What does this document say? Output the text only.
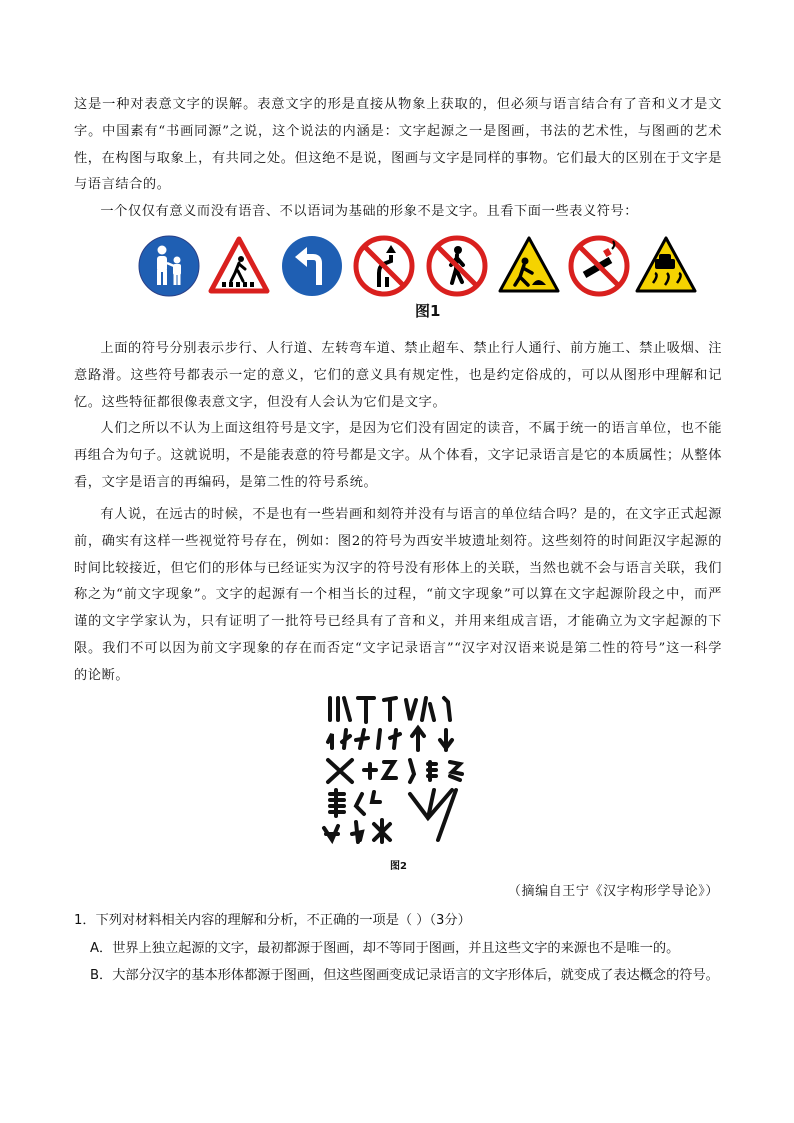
这是一种对表意文字的误解。表意文字的形是直接从物象上获取的，但必须与语言结合有了音和义才是文字。中国素有“书画同源”之说，这个说法的内涵是：文字起源之一是图画，书法的艺术性，与图画的艺术性，在构图与取象上，有共同之处。但这绝不是说，图画与文字是同样的事物。它们最大的区别在于文字是与语言结合的。

一个仅仅有意义而没有语音、不以语词为基础的形象不是文字。且看下面一些表义符号：

图1

上面的符号分别表示步行、人行道、左转弯车道、禁止超车、禁止行人通行、前方施工、禁止吸烟、注意路滑。这些符号都表示一定的意义，它们的意义具有规定性，也是约定俗成的，可以从图形中理解和记忆。这些特征都很像表意文字，但没有人会认为它们是文字。

人们之所以不认为上面这组符号是文字，是因为它们没有固定的读音，不属于统一的语言单位，也不能再组合为句子。这就说明，不是能表意的符号都是文字。从个体看，文字记录语言是它的本质属性；从整体看，文字是语言的再编码，是第二性的符号系统。

有人说，在远古的时候，不是也有一些岩画和刻符并没有与语言的单位结合吗？是的，在文字正式起源前，确实有这样一些视觉符号存在，例如：图2的符号为西安半坡遗址刻符。这些刻符的时间距汉字起源的时间比较接近，但它们的形体与已经证实为汉字的符号没有形体上的关联，当然也就不会与语言关联，我们称之为“前文字现象”。文字的起源有一个相当长的过程，“前文字现象”可以算在文字起源阶段之中，而严谨的文字学家认为，只有证明了一批符号已经具有了音和义，并用来组成言语，才能确立为文字起源的下限。我们不可以因为前文字现象的存在而否定“文字记录语言”“汉字对汉语来说是第二性的符号”这一科学的论断。

图2
（摘编自王宁《汉字构形学导论》）

1．下列对材料相关内容的理解和分析，不正确的一项是（ ）（3分）

A．世界上独立起源的文字，最初都源于图画，却不等同于图画，并且这些文字的来源也不是唯一的。

B．大部分汉字的基本形体都源于图画，但这些图画变成记录语言的文字形体后，就变成了表达概念的符号。
